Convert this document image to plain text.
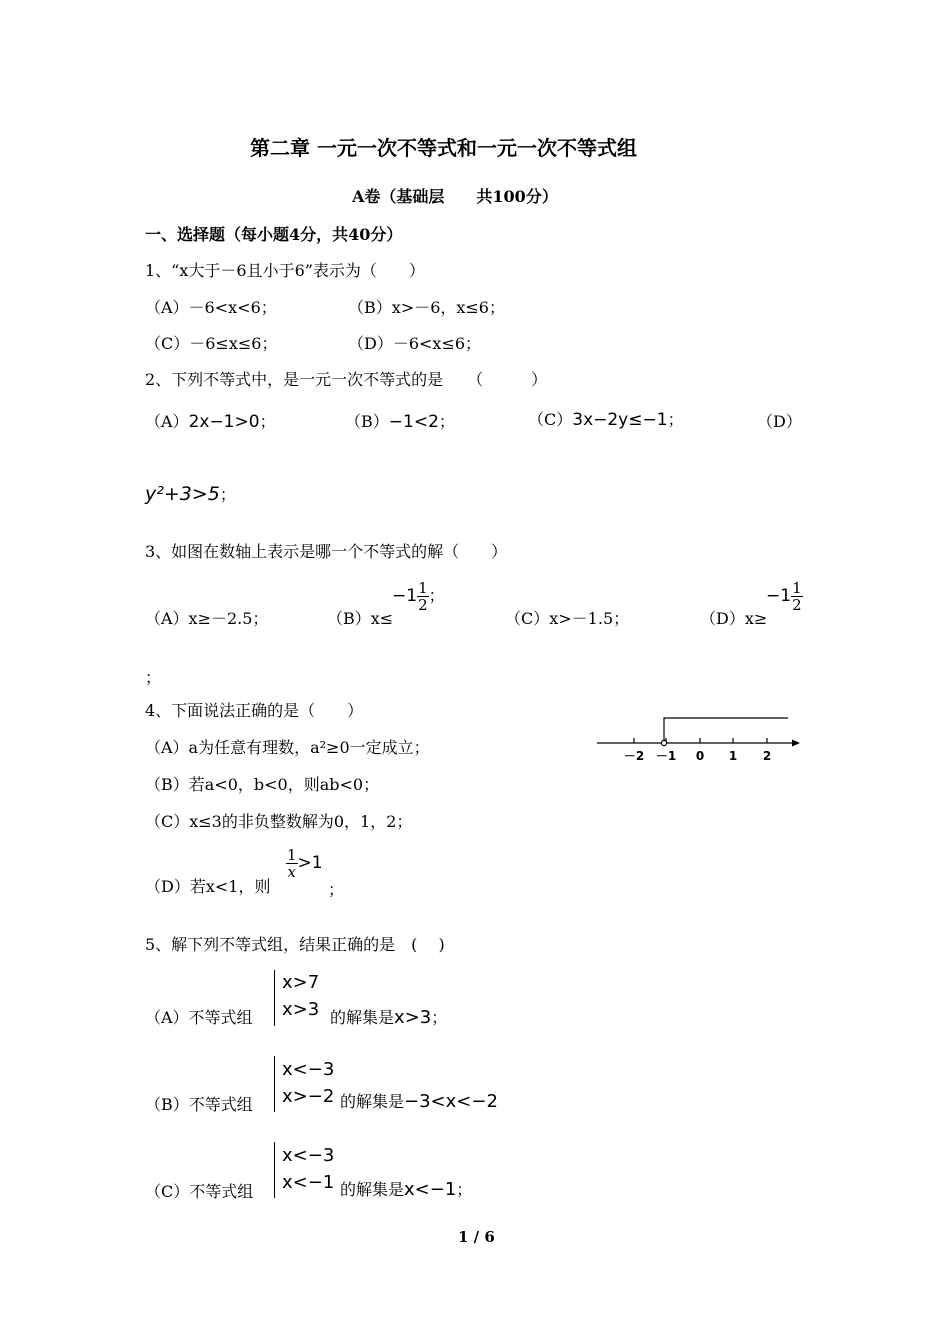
第二章 一元一次不等式和一元一次不等式组
A卷（基础层　　共100分）
一、选择题（每小题4分，共40分）
1、“x大于－6且小于6”表示为（　　）
（A）－6<x<6；	（B）x>－6，x≤6；
（C）－6≤x≤6；	（D）－6<x≤6；
2、下列不等式中，是一元一次不等式的是　　（　　　）
（A）2x−1>0；	（B）−1<2；	（C）3x−2y≤−1；	（D）
y²+3>5；
3、如图在数轴上表示是哪一个不等式的解（　　）
（A）x≥－2.5；	（B）x≤
$-1 \frac{1}{2}$ ；
（C）x>－1.5；	（D）x≥
$-1 \frac{1}{2}$
；
－2 －1 0 1 2
4、下面说法正确的是（　　）
（A）a为任意有理数，a²≥0一定成立；
（B）若a<0，b<0，则ab<0；
（C）x≤3的非负整数解为0，1，2；
（D）若x<1，则
$\frac{1}{x} >1$
；
5、解下列不等式组，结果正确的是　(　 )
（A）不等式组
x>7
x>3 的解集是x>3；
（B）不等式组
x<−3
x>−2 的解集是−3<x<−2
（C）不等式组
x<−3
x<−1 的解集是x<−1；
1 / 6
